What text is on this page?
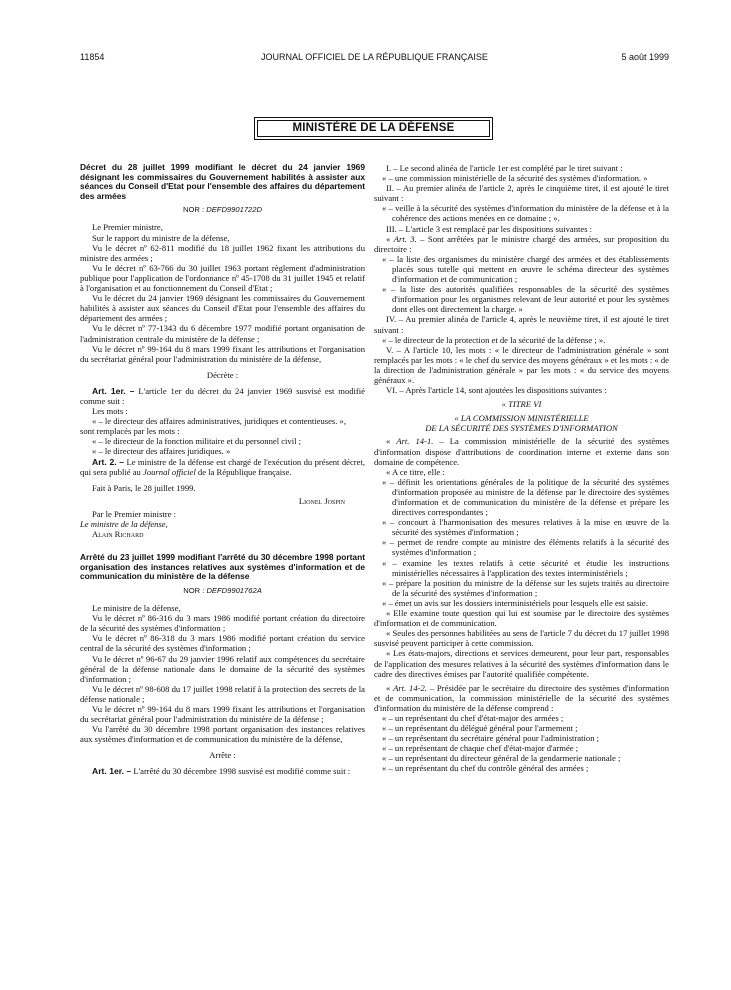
11854	JOURNAL OFFICIEL DE LA RÉPUBLIQUE FRANÇAISE	5 août 1999
MINISTÈRE DE LA DÉFENSE
Décret du 28 juillet 1999 modifiant le décret du 24 janvier 1969 désignant les commissaires du Gouvernement habilités à assister aux séances du Conseil d'Etat pour l'ensemble des affaires du département des armées
NOR : DEFD9901722D

Le Premier ministre,

Sur le rapport du ministre de la défense,

Vu le décret nº 62-811 modifié du 18 juillet 1962 fixant les attributions du ministre des armées ;

Vu le décret nº 63-766 du 30 juillet 1963 portant règlement d'administration publique pour l'application de l'ordonnance nº 45-1708 du 31 juillet 1945 et relatif à l'organisation et au fonctionnement du Conseil d'Etat ;

Vu le décret du 24 janvier 1969 désignant les commissaires du Gouvernement habilités à assister aux séances du Conseil d'Etat pour l'ensemble des affaires du département des armées ;

Vu le décret nº 77-1343 du 6 décembre 1977 modifié portant organisation de l'administration centrale du ministère de la défense ;

Vu le décret nº 99-164 du 8 mars 1999 fixant les attributions et l'organisation du secrétariat général pour l'administration du ministère de la défense,

Décrète :

Art. 1er. – L'article 1er du décret du 24 janvier 1969 susvisé est modifié comme suit :

Les mots :

« – le directeur des affaires administratives, juridiques et contentieuses. »,

sont remplacés par les mots :

« – le directeur de la fonction militaire et du personnel civil ;

« – le directeur des affaires juridiques. »

Art. 2. – Le ministre de la défense est chargé de l'exécution du présent décret, qui sera publié au Journal officiel de la République française.

Fait à Paris, le 28 juillet 1999.

Lionel Jospin

Par le Premier ministre :

Le ministre de la défense,

Alain Richard

Arrêté du 23 juillet 1999 modifiant l'arrêté du 30 décembre 1998 portant organisation des instances relatives aux systèmes d'information et de communication du ministère de la défense
NOR : DEFD9901762A

Le ministre de la défense,

Vu le décret nº 86-316 du 3 mars 1986 modifié portant création du directoire de la sécurité des systèmes d'information ;

Vu le décret nº 86-318 du 3 mars 1986 modifié portant création du service central de la sécurité des systèmes d'information ;

Vu le décret nº 96-67 du 29 janvier 1996 relatif aux compétences du secrétaire général de la défense nationale dans le domaine de la sécurité des systèmes d'information ;

Vu le décret nº 98-608 du 17 juillet 1998 relatif à la protection des secrets de la défense nationale ;

Vu le décret nº 99-164 du 8 mars 1999 fixant les attributions et l'organisation du secrétariat général pour l'administration du ministère de la défense ;

Vu l'arrêté du 30 décembre 1998 portant organisation des instances relatives aux systèmes d'information et de communication du ministère de la défense,

Arrête :

Art. 1er. – L'arrêté du 30 décembre 1998 susvisé est modifié comme suit :

I. – Le second alinéa de l'article 1er est complété par le tiret suivant :

« – une commission ministérielle de la sécurité des systèmes d'information. »

II. – Au premier alinéa de l'article 2, après le cinquième tiret, il est ajouté le tiret suivant :

« – veille à la sécurité des systèmes d'information du ministère de la défense et à la cohérence des actions menées en ce domaine ; ».

III. – L'article 3 est remplacé par les dispositions suivantes :

« Art. 3. – Sont arrêtées par le ministre chargé des armées, sur proposition du directoire :

« – la liste des organismes du ministère chargé des armées et des établissements placés sous tutelle qui mettent en œuvre le schéma directeur des systèmes d'information et de communication ;

« – la liste des autorités qualifiées responsables de la sécurité des systèmes d'information pour les organismes relevant de leur autorité et pour les systèmes dont elles ont directement la charge. »

IV. – Au premier alinéa de l'article 4, après le neuvième tiret, il est ajouté le tiret suivant :

« – le directeur de la protection et de la sécurité de la défense ; ».

V. – A l'article 10, les mots : « le directeur de l'administration générale » sont remplacés par les mots : « le chef du service des moyens généraux » et les mots : « de la direction de l'administration générale » par les mots : « du service des moyens généraux ».

VI. – Après l'article 14, sont ajoutées les dispositions suivantes :

« TITRE VI

« LA COMMISSION MINISTÉRIELLE

DE LA SÉCURITÉ DES SYSTÈMES D'INFORMATION

« Art. 14-1. – La commission ministérielle de la sécurité des systèmes d'information dispose d'attributions de coordination interne et externe dans son domaine de compétence.

« A ce titre, elle :

« – définit les orientations générales de la politique de la sécurité des systèmes d'information proposée au ministre de la défense par le directoire des systèmes d'information et de communication du ministère de la défense et prépare les directives correspondantes ;

« – concourt à l'harmonisation des mesures relatives à la mise en œuvre de la sécurité des systèmes d'information ;

« – permet de rendre compte au ministre des éléments relatifs à la sécurité des systèmes d'information ;

« – examine les textes relatifs à cette sécurité et étudie les instructions ministérielles nécessaires à l'application des textes interministériels ;

« – prépare la position du ministre de la défense sur les sujets traités au directoire de la sécurité des systèmes d'information ;

« – émet un avis sur les dossiers interministériels pour lesquels elle est saisie.

« Elle examine toute question qui lui est soumise par le directoire des systèmes d'information et de communication.

« Seules des personnes habilitées au sens de l'article 7 du décret du 17 juillet 1998 susvisé peuvent participer à cette commission.

« Les états-majors, directions et services demeurent, pour leur part, responsables de l'application des mesures relatives à la sécurité des systèmes d'information dans le cadre des directives émises par l'autorité qualifiée compétente.

« Art. 14-2. – Présidée par le secrétaire du directoire des systèmes d'information et de communication, la commission ministérielle de la sécurité des systèmes d'information du ministère de la défense comprend :

« – un représentant du chef d'état-major des armées ;

« – un représentant du délégué général pour l'armement ;

« – un représentant du secrétaire général pour l'administration ;

« – un représentant de chaque chef d'état-major d'armée ;

« – un représentant du directeur général de la gendarmerie nationale ;

« – un représentant du chef du contrôle général des armées ;
